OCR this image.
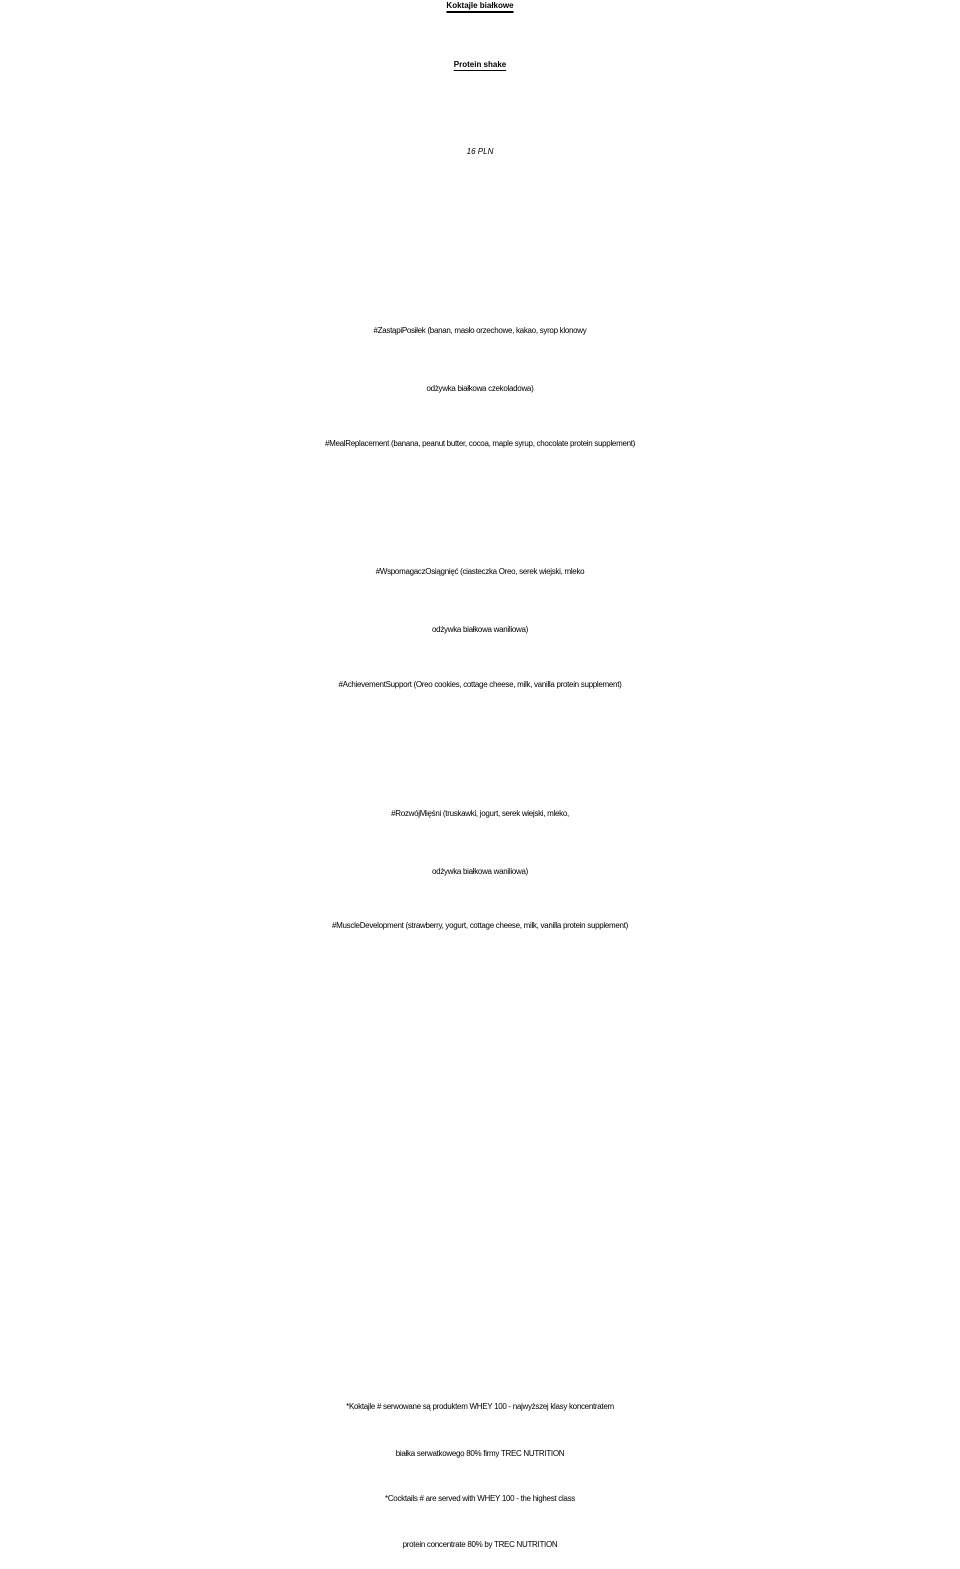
Koktajle białkowe
Protein shake
16 PLN
#ZastąpiPosiłek (banan, masło orzechowe, kakao, syrop klonowy
odżywka białkowa czekoladowa)
#MealReplacement (banana, peanut butter, cocoa, maple syrup, chocolate protein supplement)
#WspomagaczOsiągnięć (ciasteczka Oreo, serek wiejski, mleko
odżywka białkowa waniliowa)
#AchievementSupport (Oreo cookies, cottage cheese, milk, vanilla protein supplement)
#RozwójMięśni (truskawki, jogurt, serek wiejski, mleko,
odżywka białkowa waniliowa)
#MuscleDevelopment (strawberry, yogurt, cottage cheese, milk, vanilla protein supplement)
*Koktajle # serwowane są produktem WHEY 100 - najwyższej klasy koncentratem
białka serwatkowego 80% firmy TREC NUTRITION
*Cocktails # are served with WHEY 100 - the highest class
protein concentrate 80% by TREC NUTRITION
